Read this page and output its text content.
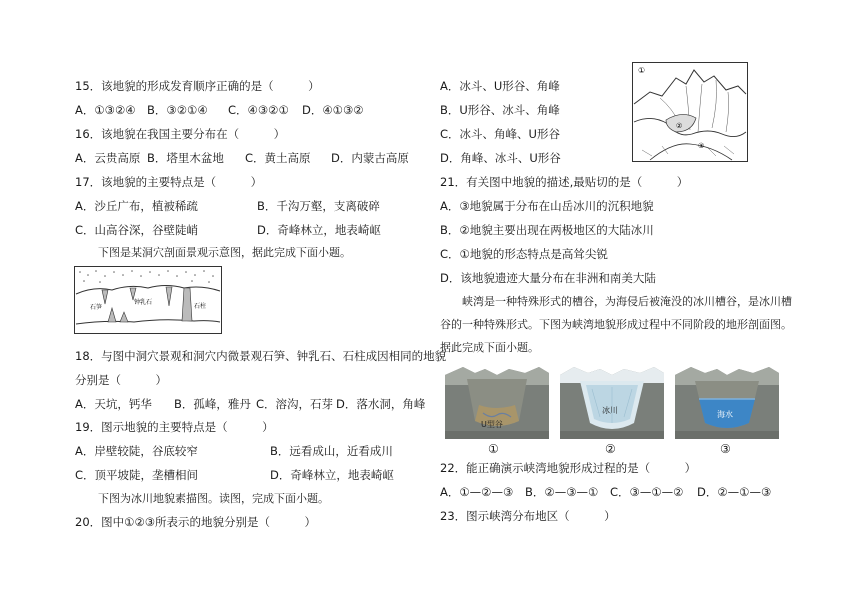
15．该地貌的形成发育顺序正确的是（　　　）
A．①③②④ B．③②①④ C．④③②① D．④①③②
16．该地貌在我国主要分布在（　　　）
A．云贵高原 B．塔里木盆地 C．黄土高原 D．内蒙古高原
17．该地貌的主要特点是（　　　）
A．沙丘广布，植被稀疏	B．千沟万壑，支离破碎
C．山高谷深，谷壁陡峭	D．奇峰林立，地表崎岖
下图是某洞穴剖面景观示意图，据此完成下面小题。
石笋
钟乳石
石柱
18．与图中洞穴景观和洞穴内微景观石笋、钟乳石、石柱成因相同的地貌
分别是（　　　）
A．天坑，钙华 B．孤峰，雅丹 C．溶沟，石芽 D．落水洞，角峰
19．图示地貌的主要特点是（　　　）
A．岸壁较陡，谷底较窄	B．远看成山，近看成川
C．顶平坡陡，垄槽相间	D．奇峰林立，地表崎岖
下图为冰川地貌素描图。读图，完成下面小题。
20．图中①②③所表示的地貌分别是（　　　）
A．冰斗、U形谷、角峰
B．U形谷、冰斗、角峰
C．冰斗、角峰、U形谷
D．角峰、冰斗、U形谷
①
②
③
21．有关图中地貌的描述,最贴切的是（　　　）
A．③地貌属于分布在山岳冰川的沉积地貌
B．②地貌主要出现在两极地区的大陆冰川
C．①地貌的形态特点是高耸尖锐
D．该地貌遗迹大量分布在非洲和南美大陆
峡湾是一种特殊形式的槽谷，为海侵后被淹没的冰川槽谷，是冰川槽
谷的一种特殊形式。下图为峡湾地貌形成过程中不同阶段的地形剖面图。
据此完成下面小题。
U型谷
冰川	海水
①	②	③
22．能正确演示峡湾地貌形成过程的是（　　　）
A．①—②—③ B．②—③—① C．③—①—② D．②—①—③
23．图示峡湾分布地区（　　　）
